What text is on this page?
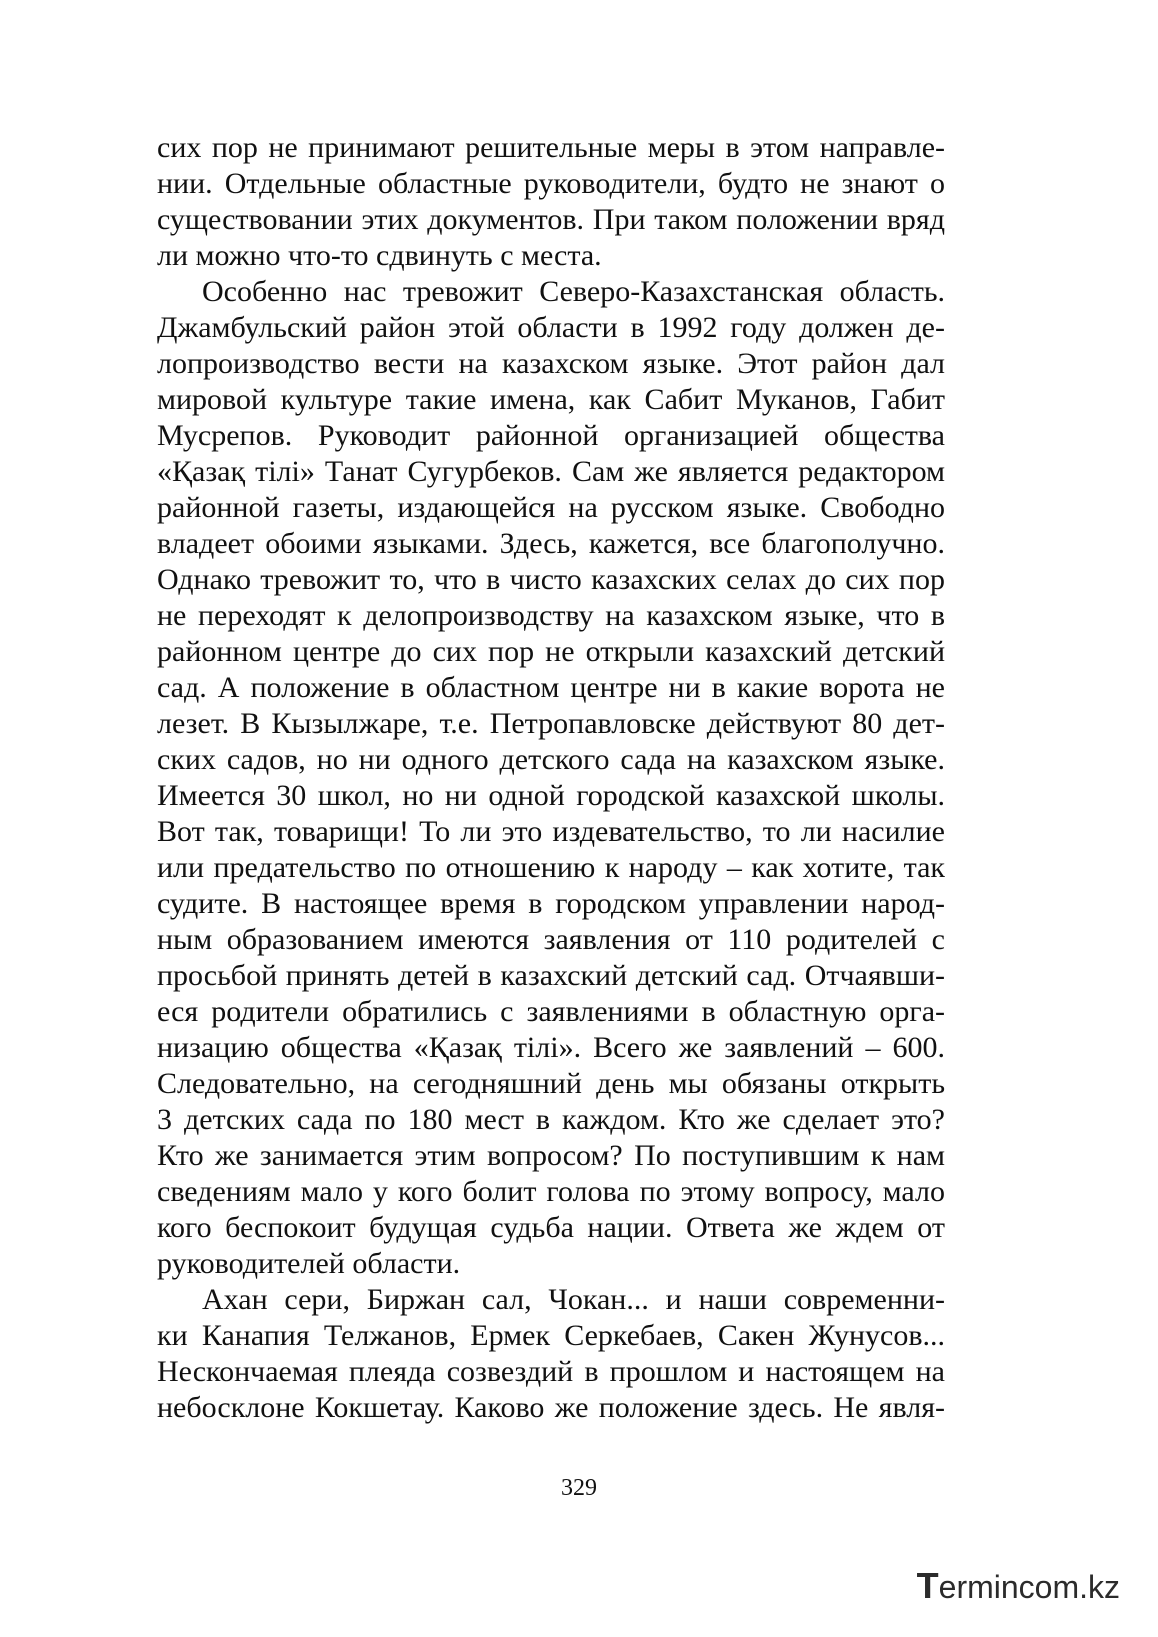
сих пор не принимают решительные меры в этом направле-
нии. Отдельные областные руководители, будто не знают о
существовании этих документов. При таком положении вряд
ли можно что-то сдвинуть с места.
Особенно нас тревожит Северо-Казахстанская область.
Джамбульский район этой области в 1992 году должен де-
лопроизводство вести на казахском языке. Этот район дал
мировой культуре такие имена, как Сабит Муканов, Габит
Мусрепов. Руководит районной организацией общества
«Қазақ тілі» Танат Сугурбеков. Сам же является редактором
районной газеты, издающейся на русском языке. Свободно
владеет обоими языками. Здесь, кажется, все благополучно.
Однако тревожит то, что в чисто казахских селах до сих пор
не переходят к делопроизводству на казахском языке, что в
районном центре до сих пор не открыли казахский детский
сад. А положение в областном центре ни в какие ворота не
лезет. В Кызылжаре, т.е. Петропавловске действуют 80 дет-
ских садов, но ни одного детского сада на казахском языке.
Имеется 30 школ, но ни одной городской казахской школы.
Вот так, товарищи! То ли это издевательство, то ли насилие
или предательство по отношению к народу – как хотите, так
судите. В настоящее время в городском управлении народ-
ным образованием имеются заявления от 110 родителей с
просьбой принять детей в казахский детский сад. Отчаявши-
еся родители обратились с заявлениями в областную орга-
низацию общества «Қазақ тілі». Всего же заявлений – 600.
Следовательно, на сегодняшний день мы обязаны открыть
3 детских сада по 180 мест в каждом. Кто же сделает это?
Кто же занимается этим вопросом? По поступившим к нам
сведениям мало у кого болит голова по этому вопросу, мало
кого беспокоит будущая судьба нации. Ответа же ждем от
руководителей области.
Ахан сери, Биржан сал, Чокан... и наши современни-
ки Канапия Телжанов, Ермек Серкебаев, Сакен Жунусов...
Нескончаемая плеяда созвездий в прошлом и настоящем на
небосклоне Кокшетау. Каково же положение здесь. Не явля-
329
Termincom.kz
